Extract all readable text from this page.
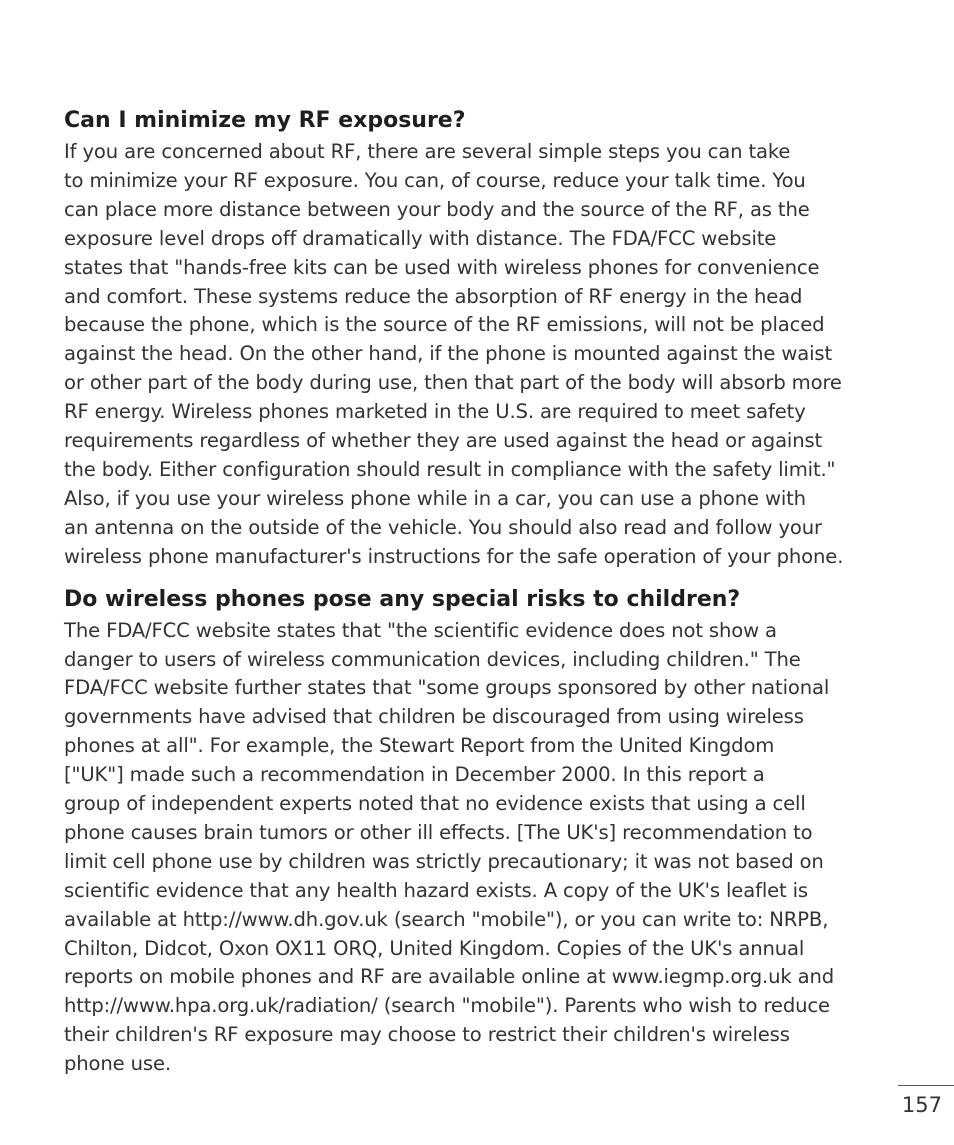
Can I minimize my RF exposure?

If you are concerned about RF, there are several simple steps you can take
to minimize your RF exposure. You can, of course, reduce your talk time. You
can place more distance between your body and the source of the RF, as the
exposure level drops off dramatically with distance. The FDA/FCC website
states that "hands-free kits can be used with wireless phones for convenience
and comfort. These systems reduce the absorption of RF energy in the head
because the phone, which is the source of the RF emissions, will not be placed
against the head. On the other hand, if the phone is mounted against the waist
or other part of the body during use, then that part of the body will absorb more
RF energy. Wireless phones marketed in the U.S. are required to meet safety
requirements regardless of whether they are used against the head or against
the body. Either configuration should result in compliance with the safety limit."
Also, if you use your wireless phone while in a car, you can use a phone with
an antenna on the outside of the vehicle. You should also read and follow your
wireless phone manufacturer's instructions for the safe operation of your phone.

Do wireless phones pose any special risks to children?

The FDA/FCC website states that "the scientific evidence does not show a
danger to users of wireless communication devices, including children." The
FDA/FCC website further states that "some groups sponsored by other national
governments have advised that children be discouraged from using wireless
phones at all". For example, the Stewart Report from the United Kingdom
["UK"] made such a recommendation in December 2000. In this report a
group of independent experts noted that no evidence exists that using a cell
phone causes brain tumors or other ill effects. [The UK's] recommendation to
limit cell phone use by children was strictly precautionary; it was not based on
scientific evidence that any health hazard exists. A copy of the UK's leaflet is
available at http://www.dh.gov.uk (search "mobile"), or you can write to: NRPB,
Chilton, Didcot, Oxon OX11 ORQ, United Kingdom. Copies of the UK's annual
reports on mobile phones and RF are available online at www.iegmp.org.uk and
http://www.hpa.org.uk/radiation/ (search "mobile"). Parents who wish to reduce
their children's RF exposure may choose to restrict their children's wireless
phone use.

157
